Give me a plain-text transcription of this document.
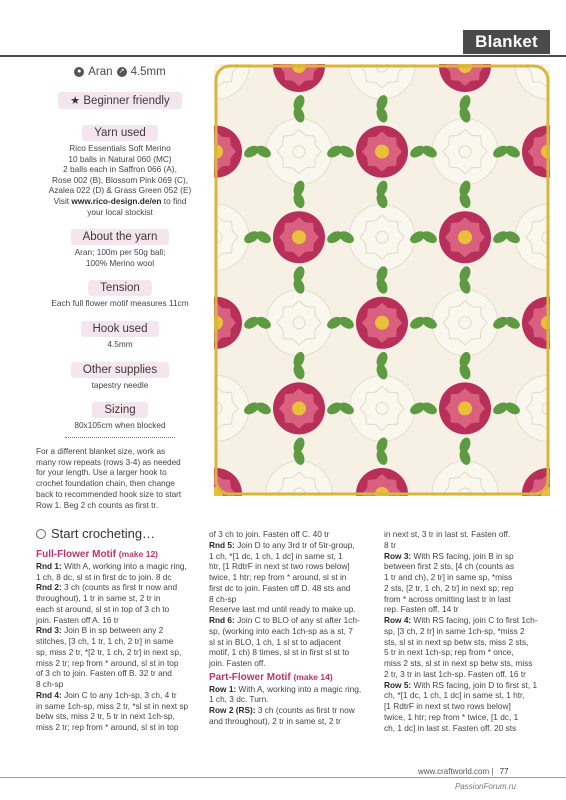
Blanket
● Aran ↗ 4.5mm
★ Beginner friendly
Yarn used
Rico Essentials Soft Merino
10 balls in Natural 060 (MC)
2 balls each in Saffron 066 (A),
Rose 002 (B), Blossom Pink 069 (C),
Azalea 022 (D) & Grass Green 052 (E)
Visit www.rico-design.de/en to find
your local stockist
About the yarn
Aran; 100m per 50g ball;
100% Merino wool
Tension
Each full flower motif measures 11cm
Hook used
4.5mm
Other supplies
tapestry needle
Sizing
80x105cm when blocked
For a different blanket size, work as
many row repeats (rows 3-4) as needed
for your length. Use a larger hook to
crochet foundation chain, then change
back to recommended hook size to start
Row 1. Beg 2 ch counts as first tr.
Start crocheting…

Full-Flower Motif (make 12)

Rnd 1: With A, working into a magic ring,

1 ch, 8 dc, sl st in first dc to join. 8 dc

Rnd 2: 3 ch (counts as first tr now and

throughout), 1 tr in same st, 2 tr in

each st around, sl st in top of 3 ch to

join. Fasten off A. 16 tr

Rnd 3: Join B in sp between any 2

stitches, [3 ch, 1 tr, 1 ch, 2 tr] in same

sp, miss 2 tr, *[2 tr, 1 ch, 2 tr] in next sp,

miss 2 tr; rep from * around, sl st in top

of 3 ch to join. Fasten off B. 32 tr and

8 ch-sp

Rnd 4: Join C to any 1ch-sp, 3 ch, 4 tr

in same 1ch-sp, miss 2 tr, *sl st in next sp

betw sts, miss 2 tr, 5 tr in next 1ch-sp,

miss 2 tr; rep from * around, sl st in top

of 3 ch to join. Fasten off C. 40 tr

Rnd 5: Join D to any 3rd tr of 5tr-group,

1 ch, *[1 dc, 1 ch, 1 dc] in same st, 1

htr, [1 RdtrF in next st two rows below]

twice, 1 htr; rep from * around, sl st in

first dc to join. Fasten off D. 48 sts and

8 ch-sp

Reserve last rnd until ready to make up.

Rnd 6: Join C to BLO of any st after 1ch-

sp, (working into each 1ch-sp as a st, 7

sl st in BLO, 1 ch, 1 sl st to adjacent

motif, 1 ch) 8 times, sl st in first sl st to

join. Fasten off.

Part-Flower Motif (make 14)

Row 1: With A, working into a magic ring,

1 ch, 3 dc. Turn.

Row 2 (RS): 3 ch (counts as first tr now

and throughout), 2 tr in same st, 2 tr

in next st, 3 tr in last st. Fasten off.

8 tr

Row 3: With RS facing, join B in sp

between first 2 sts, [4 ch (counts as

1 tr and ch), 2 tr] in same sp, *miss

2 sts, [2 tr, 1 ch, 2 tr] in next sp; rep

from * across omitting last tr in last

rep. Fasten off. 14 tr

Row 4: With RS facing, join C to first 1ch-

sp, [3 ch, 2 tr] in same 1ch-sp, *miss 2

sts, sl st in next sp betw sts, miss 2 sts,

5 tr in next 1ch-sp; rep from * once,

miss 2 sts, sl st in next sp betw sts, miss

2 tr, 3 tr in last 1ch-sp. Fasten off. 16 tr

Row 5: With RS facing, join D to first st, 1

ch, *[1 dc, 1 ch, 1 dc] in same st, 1 htr,

[1 RdtrF in next st two rows below]

twice, 1 htr; rep from * twice, [1 dc, 1

ch, 1 dc] in last st. Fasten off. 20 sts

www.craftworld.com | 77
PassionForum.ru
